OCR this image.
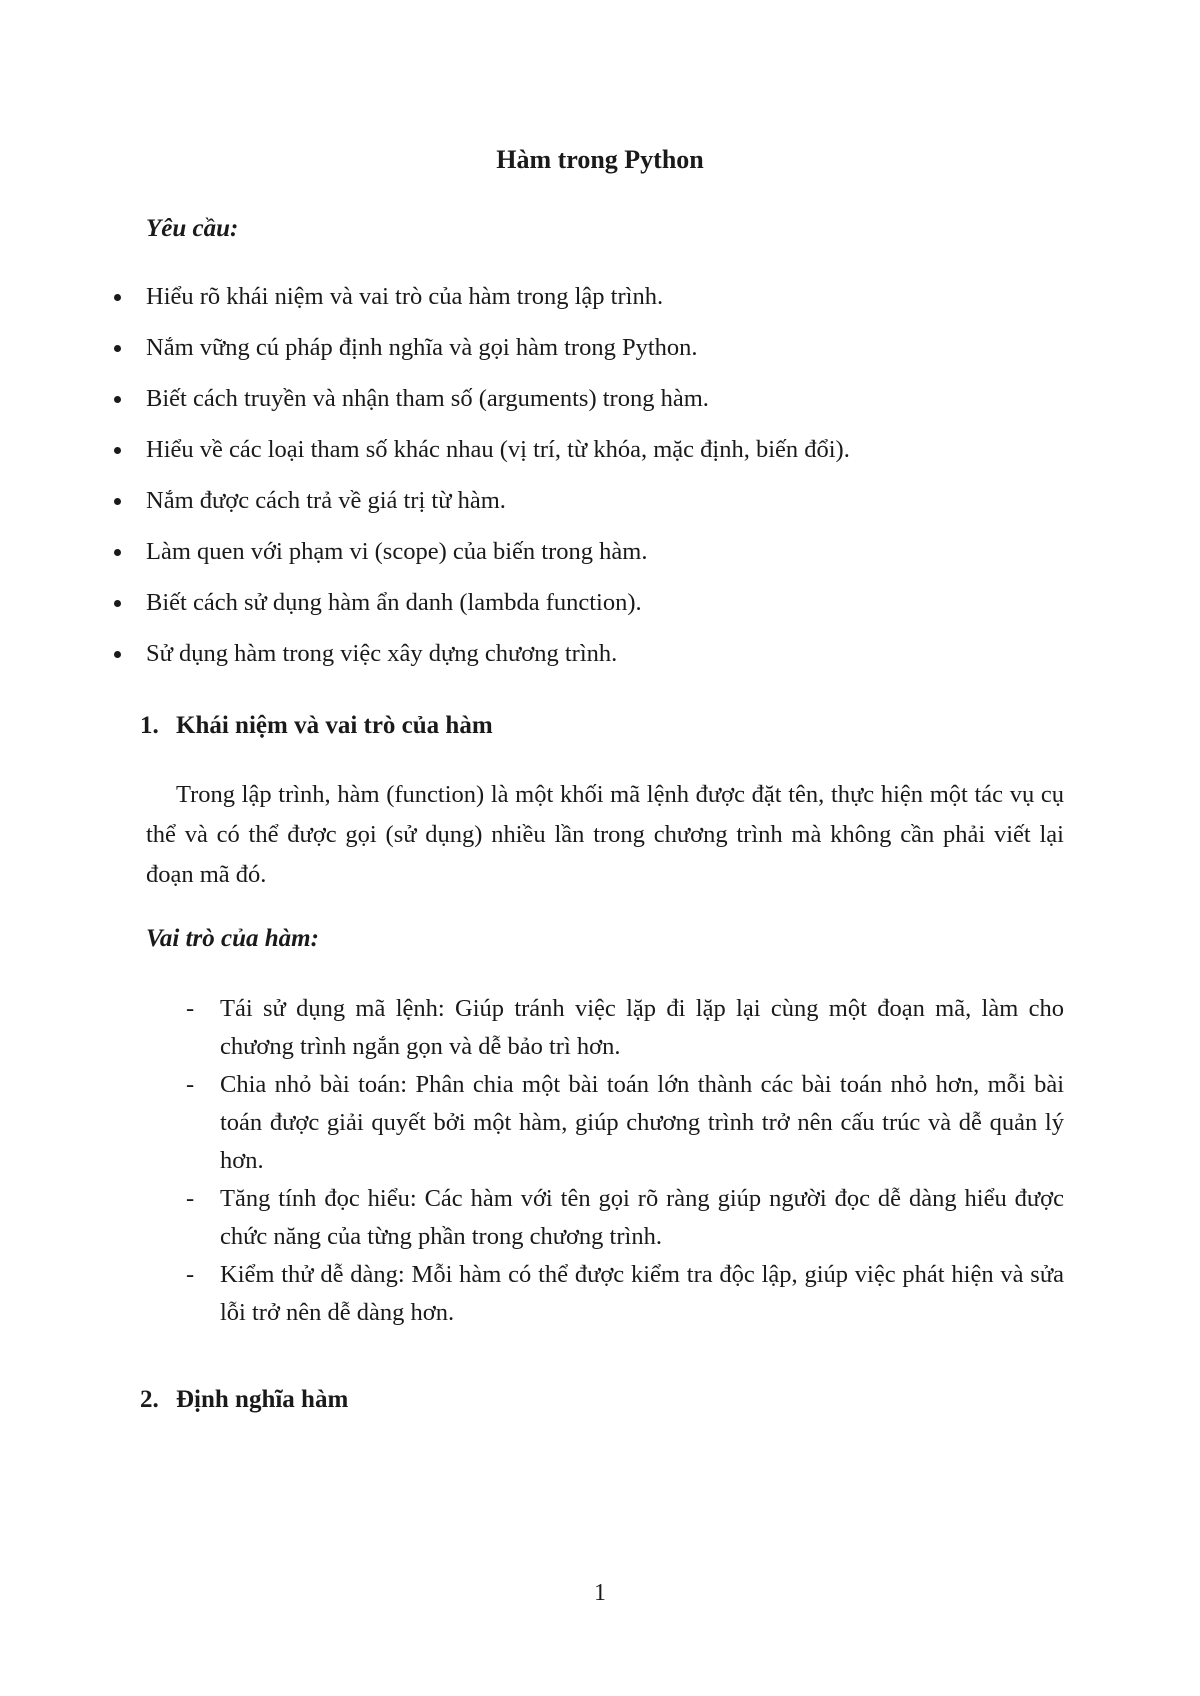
Hàm trong Python
Yêu cầu:
Hiểu rõ khái niệm và vai trò của hàm trong lập trình.
Nắm vững cú pháp định nghĩa và gọi hàm trong Python.
Biết cách truyền và nhận tham số (arguments) trong hàm.
Hiểu về các loại tham số khác nhau (vị trí, từ khóa, mặc định, biến đổi).
Nắm được cách trả về giá trị từ hàm.
Làm quen với phạm vi (scope) của biến trong hàm.
Biết cách sử dụng hàm ẩn danh (lambda function).
Sử dụng hàm trong việc xây dựng chương trình.
1. Khái niệm và vai trò của hàm
Trong lập trình, hàm (function) là một khối mã lệnh được đặt tên, thực hiện một tác vụ cụ thể và có thể được gọi (sử dụng) nhiều lần trong chương trình mà không cần phải viết lại đoạn mã đó.
Vai trò của hàm:
- Tái sử dụng mã lệnh: Giúp tránh việc lặp đi lặp lại cùng một đoạn mã, làm cho chương trình ngắn gọn và dễ bảo trì hơn.
- Chia nhỏ bài toán: Phân chia một bài toán lớn thành các bài toán nhỏ hơn, mỗi bài toán được giải quyết bởi một hàm, giúp chương trình trở nên cấu trúc và dễ quản lý hơn.
- Tăng tính đọc hiểu: Các hàm với tên gọi rõ ràng giúp người đọc dễ dàng hiểu được chức năng của từng phần trong chương trình.
- Kiểm thử dễ dàng: Mỗi hàm có thể được kiểm tra độc lập, giúp việc phát hiện và sửa lỗi trở nên dễ dàng hơn.
2. Định nghĩa hàm
1
